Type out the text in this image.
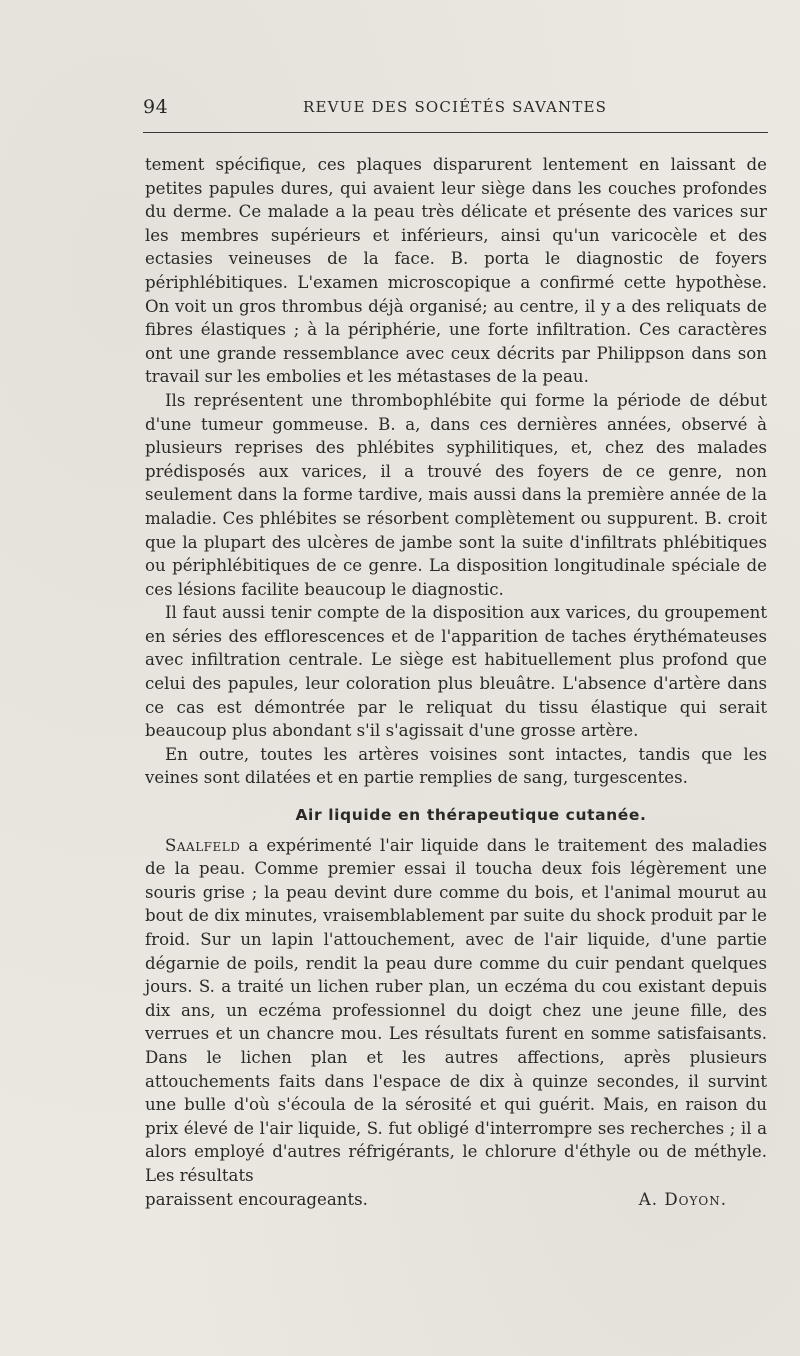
94	REVUE DES SOCIÉTÉS SAVANTES

tement spécifique, ces plaques disparurent lentement en laissant de petites papules dures, qui avaient leur siège dans les couches profondes du derme. Ce malade a la peau très délicate et présente des varices sur les membres supérieurs et inférieurs, ainsi qu'un varicocèle et des ectasies veineuses de la face. B. porta le diagnostic de foyers périphlébitiques. L'examen microscopique a confirmé cette hypothèse. On voit un gros thrombus déjà organisé; au centre, il y a des reliquats de fibres élastiques ; à la périphérie, une forte infiltration. Ces caractères ont une grande ressemblance avec ceux décrits par Philippson dans son travail sur les embolies et les métastases de la peau.

Ils représentent une thrombophlébite qui forme la période de début d'une tumeur gommeuse. B. a, dans ces dernières années, observé à plusieurs reprises des phlébites syphilitiques, et, chez des malades prédisposés aux varices, il a trouvé des foyers de ce genre, non seulement dans la forme tardive, mais aussi dans la première année de la maladie. Ces phlébites se résorbent complètement ou suppurent. B. croit que la plupart des ulcères de jambe sont la suite d'infiltrats phlébitiques ou périphlébitiques de ce genre. La disposition longitudinale spéciale de ces lésions facilite beaucoup le diagnostic.

Il faut aussi tenir compte de la disposition aux varices, du groupement en séries des efflorescences et de l'apparition de taches érythémateuses avec infiltration centrale. Le siège est habituellement plus profond que celui des papules, leur coloration plus bleuâtre. L'absence d'artère dans ce cas est démontrée par le reliquat du tissu élastique qui serait beaucoup plus abondant s'il s'agissait d'une grosse artère.

En outre, toutes les artères voisines sont intactes, tandis que les veines sont dilatées et en partie remplies de sang, turgescentes.

Air liquide en thérapeutique cutanée.

Saalfeld a expérimenté l'air liquide dans le traitement des maladies de la peau. Comme premier essai il toucha deux fois légèrement une souris grise ; la peau devint dure comme du bois, et l'animal mourut au bout de dix minutes, vraisemblablement par suite du shock produit par le froid. Sur un lapin l'attouchement, avec de l'air liquide, d'une partie dégarnie de poils, rendit la peau dure comme du cuir pendant quelques jours. S. a traité un lichen ruber plan, un eczéma du cou existant depuis dix ans, un eczéma professionnel du doigt chez une jeune fille, des verrues et un chancre mou. Les résultats furent en somme satisfaisants. Dans le lichen plan et les autres affections, après plusieurs attouchements faits dans l'espace de dix à quinze secondes, il survint une bulle d'où s'écoula de la sérosité et qui guérit. Mais, en raison du prix élevé de l'air liquide, S. fut obligé d'interrompre ses recherches ; il a alors employé d'autres réfrigérants, le chlorure d'éthyle ou de méthyle. Les résultats

paraissent encourageants.	A. Doyon.
